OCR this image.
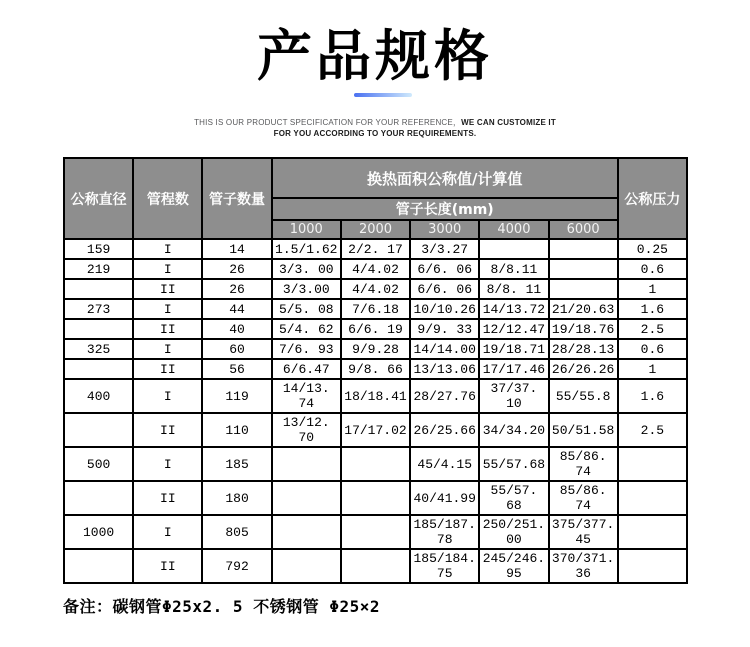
产品规格
THIS IS OUR PRODUCT SPECIFICATION FOR YOUR REFERENCE，WE CAN CUSTOMIZE IT
FOR YOU ACCORDING TO YOUR REQUIREMENTS.
公称直径	管程数	管子数量	换热面积公称值/计算值					公称压力
			管子长度(mm)					
			1000	2000	3000	4000	6000	
159	I	14	1.5/1.62	2/2. 17	3/3.27			0.25
219	I	26	3/3. 00	4/4.02	6/6. 06	8/8.11		0.6
	II	26	3/3.00	4/4.02	6/6. 06	8/8. 11		1
273	I	44	5/5. 08	7/6.18	10/10.26	14/13.72	21/20.63	1.6
	II	40	5/4. 62	6/6. 19	9/9. 33	12/12.47	19/18.76	2.5
325	I	60	7/6. 93	9/9.28	14/14.00	19/18.71	28/28.13	0.6
	II	56	6/6.47	9/8. 66	13/13.06	17/17.46	26/26.26	1
400	I	119	14/13. 74	18/18.41	28/27.76	37/37. 10	55/55.8	1.6
	II	110	13/12. 70	17/17.02	26/25.66	34/34.20	50/51.58	2.5
500	I	185			45/4.15	55/57.68	85/86. 74	
	II	180			40/41.99	55/57. 68	85/86. 74	
1000	I	805			185/187. 78	250/251. 00	375/377. 45	
	II	792			185/184. 75	245/246. 95	370/371. 36	
备注：碳钢管Φ25x2. 5 不锈钢管 Φ25×2
